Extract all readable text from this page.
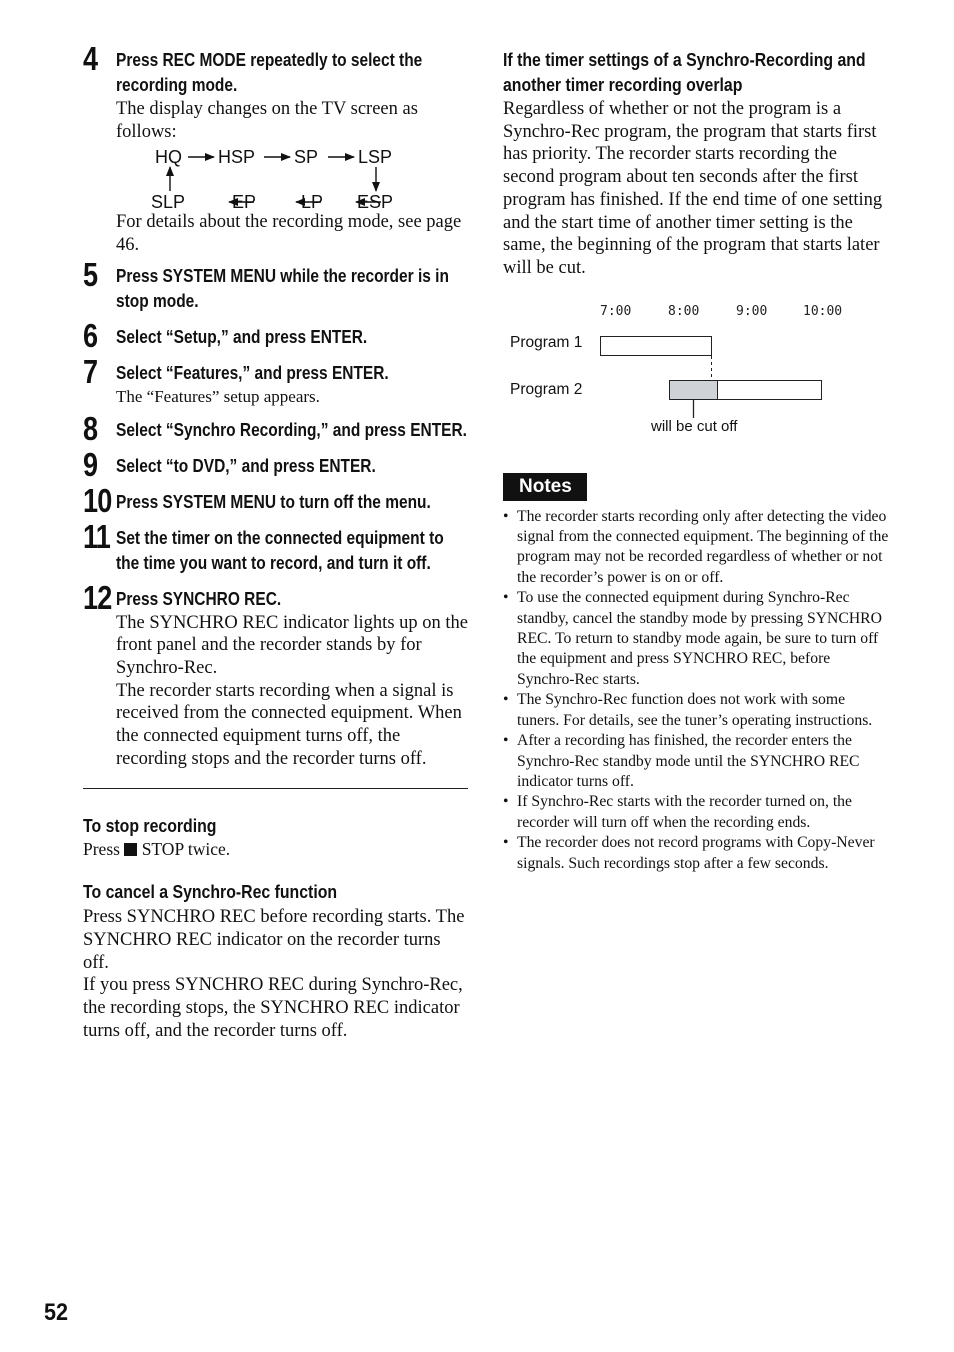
4 Press REC MODE repeatedly to select the recording mode.

The display changes on the TV screen as follows:

HQ HSP SP LSP
SLP	EP LP ESP

For details about the recording mode, see page 46.

5 Press SYSTEM MENU while the recorder is in stop mode.

6 Select “Setup,” and press ENTER.

7 Select “Features,” and press ENTER.

The “Features” setup appears.

8 Select “Synchro Recording,” and press ENTER.

9 Select “to DVD,” and press ENTER.

10 Press SYSTEM MENU to turn off the menu.

11 Set the timer on the connected equipment to the time you want to record, and turn it off.

12 Press SYNCHRO REC.

The SYNCHRO REC indicator lights up on the front panel and the recorder stands by for Synchro-Rec.

The recorder starts recording when a signal is received from the connected equipment. When the connected equipment turns off, the recording stops and the recorder turns off.

To stop recording

Press STOP twice.

To cancel a Synchro-Rec function

Press SYNCHRO REC before recording starts. The SYNCHRO REC indicator on the recorder turns off.

If you press SYNCHRO REC during Synchro-Rec, the recording stops, the SYNCHRO REC indicator turns off, and the recorder turns off.

If the timer settings of a Synchro-Recording and another timer recording overlap

Regardless of whether or not the program is a Synchro-Rec program, the program that starts first has priority. The recorder starts recording the second program about ten seconds after the first program has finished. If the end time of one setting and the start time of another timer setting is the same, the beginning of the program that starts later will be cut.

7:00	8:00	9:00	10:00
Program 1
Program 2
will be cut off
Notes
• The recorder starts recording only after detecting the video signal from the connected equipment. The beginning of the program may not be recorded regardless of whether or not the recorder’s power is on or off.
• To use the connected equipment during Synchro-Rec standby, cancel the standby mode by pressing SYNCHRO REC. To return to standby mode again, be sure to turn off the equipment and press SYNCHRO REC, before Synchro-Rec starts.
• The Synchro-Rec function does not work with some tuners. For details, see the tuner’s operating instructions.
• After a recording has finished, the recorder enters the Synchro-Rec standby mode until the SYNCHRO REC indicator turns off.
• If Synchro-Rec starts with the recorder turned on, the recorder will turn off when the recording ends.
• The recorder does not record programs with Copy-Never signals. Such recordings stop after a few seconds.
52
